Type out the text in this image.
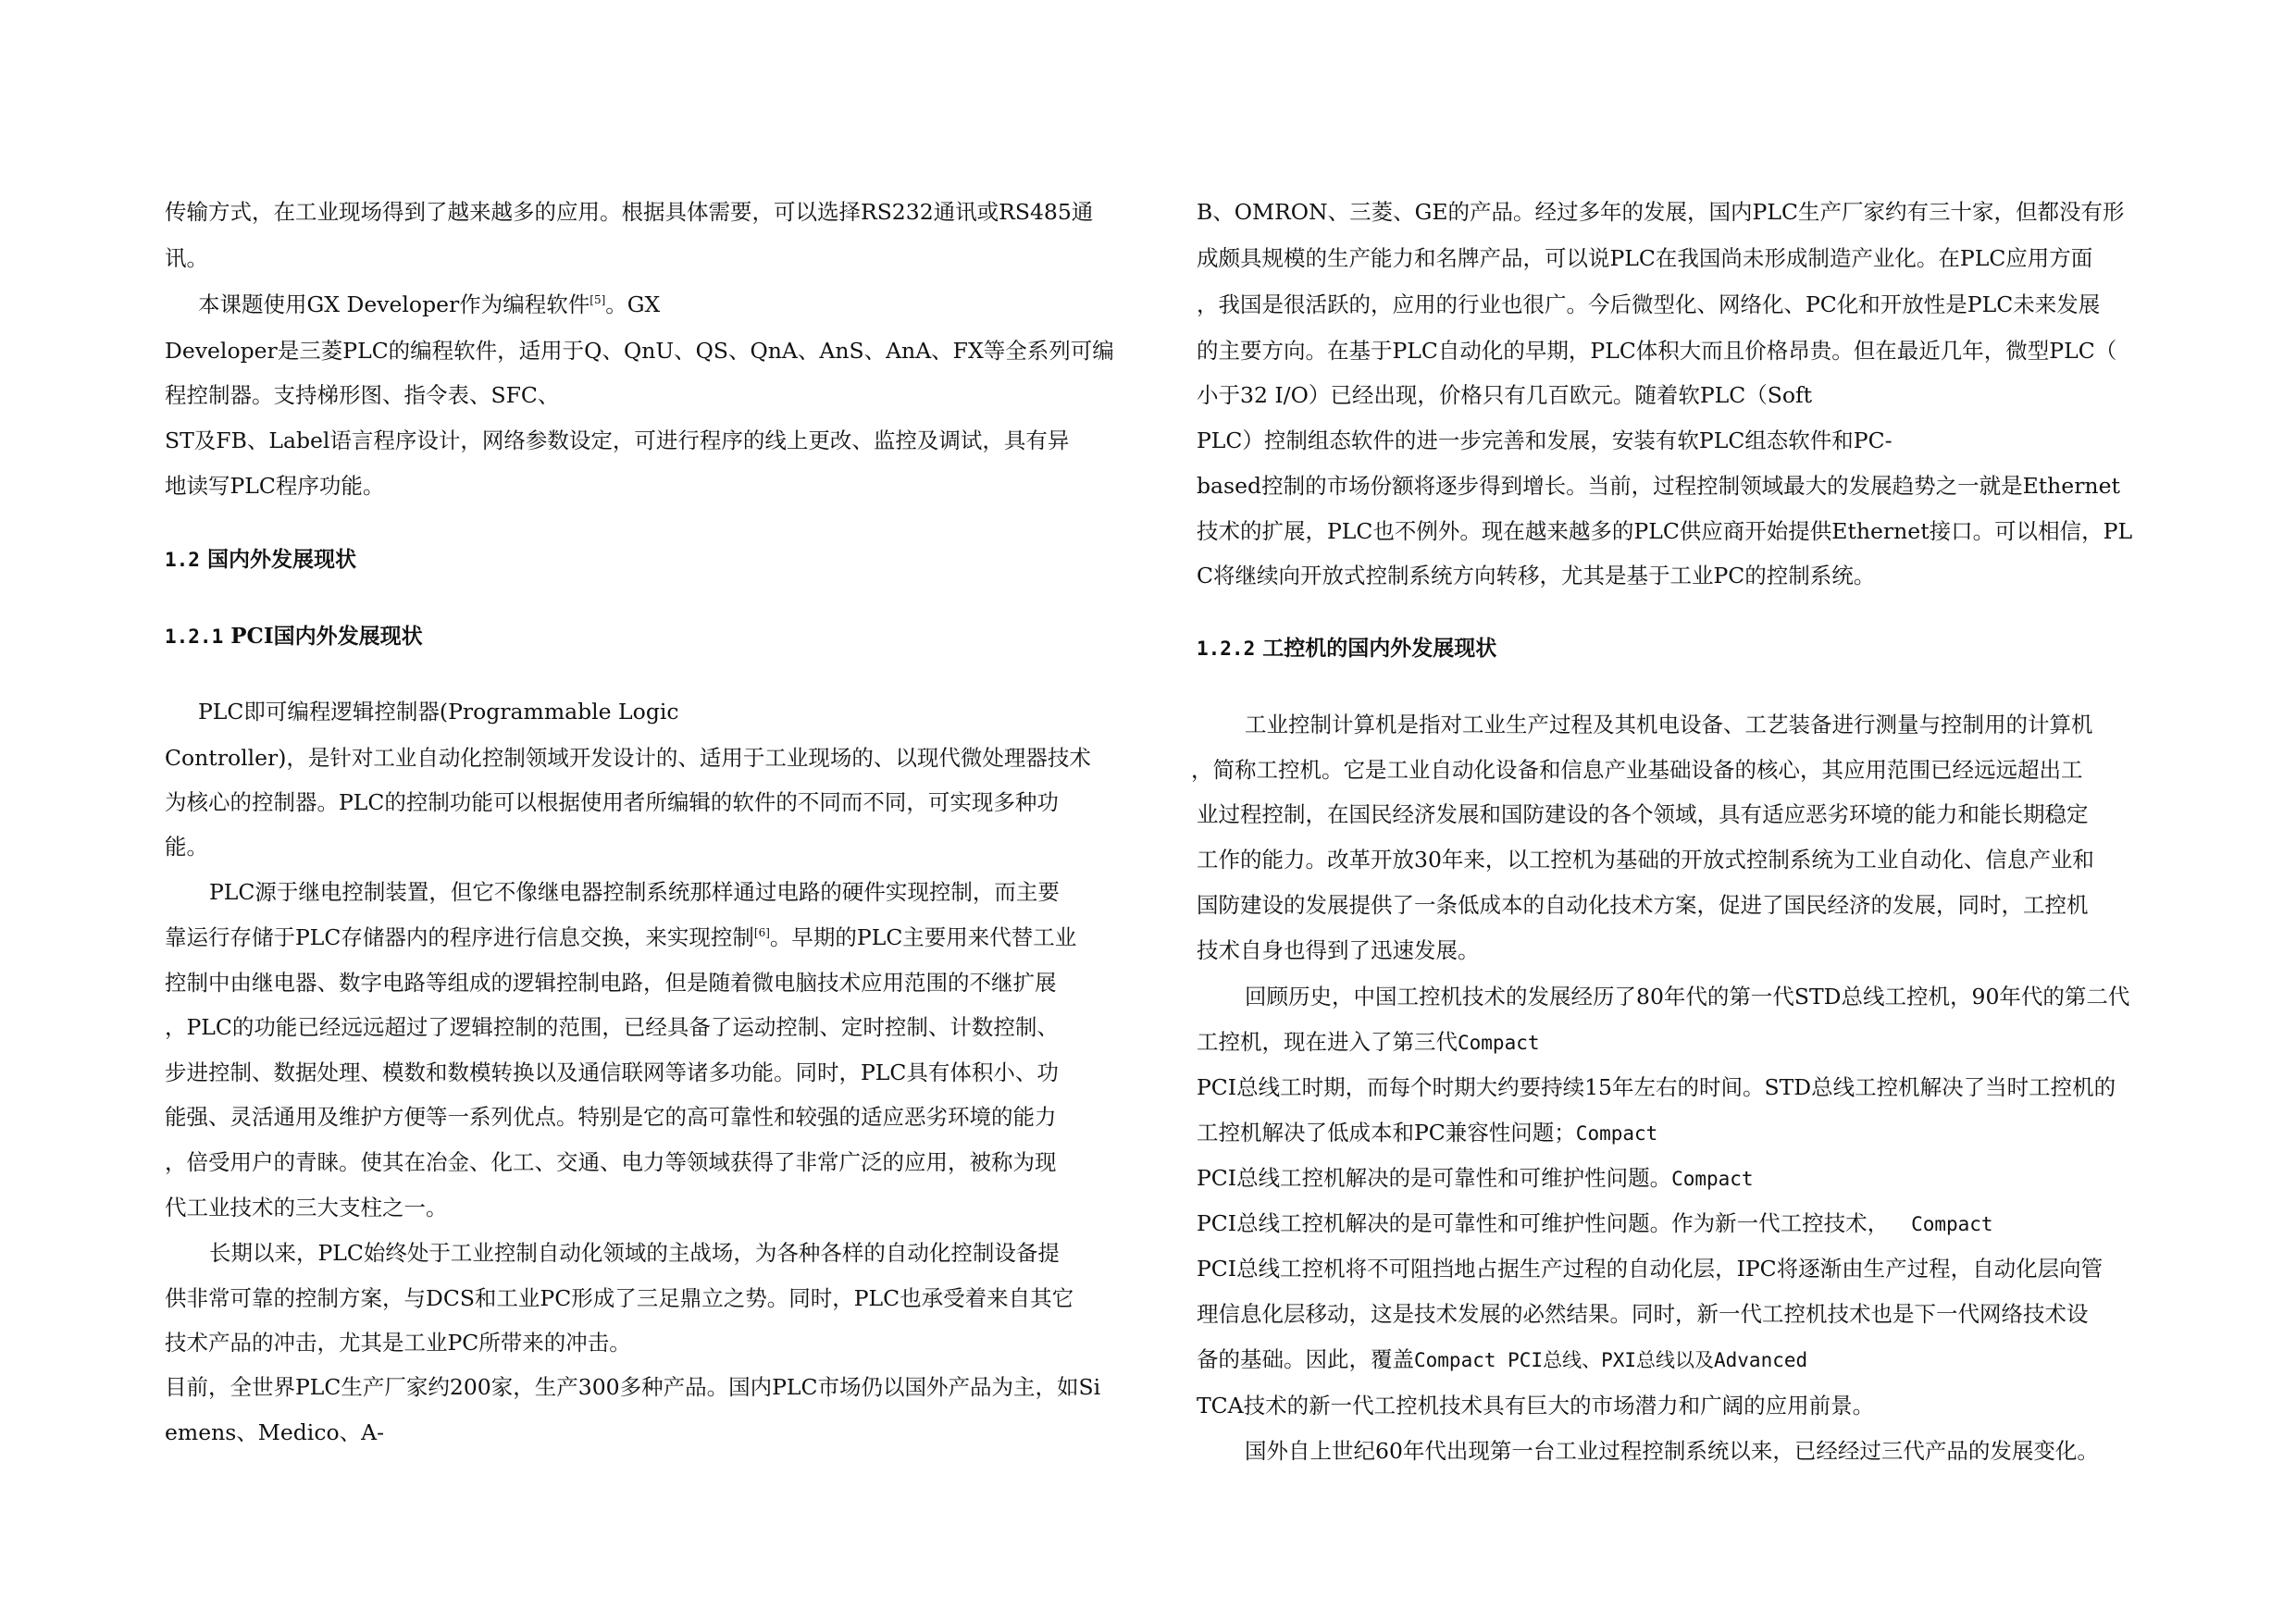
传输方式，在工业现场得到了越来越多的应用。根据具体需要，可以选择RS232通讯或RS485通
讯。
本课题使用GX Developer作为编程软件[5]。GX
Developer是三菱PLC的编程软件，适用于Q、QnU、QS、QnA、AnS、AnA、FX等全系列可编
程控制器。支持梯形图、指令表、SFC、
ST及FB、Label语言程序设计，网络参数设定，可进行程序的线上更改、监控及调试，具有异
地读写PLC程序功能。
1.2 国内外发展现状
1.2.1 PCI国内外发展现状
PLC即可编程逻辑控制器(Programmable Logic
Controller)，是针对工业自动化控制领域开发设计的、适用于工业现场的、以现代微处理器技术
为核心的控制器。PLC的控制功能可以根据使用者所编辑的软件的不同而不同，可实现多种功
能。
PLC源于继电控制装置，但它不像继电器控制系统那样通过电路的硬件实现控制，而主要
靠运行存储于PLC存储器内的程序进行信息交换，来实现控制[6]。早期的PLC主要用来代替工业
控制中由继电器、数字电路等组成的逻辑控制电路，但是随着微电脑技术应用范围的不继扩展
，PLC的功能已经远远超过了逻辑控制的范围，已经具备了运动控制、定时控制、计数控制、
步进控制、数据处理、模数和数模转换以及通信联网等诸多功能。同时，PLC具有体积小、功
能强、灵活通用及维护方便等一系列优点。特别是它的高可靠性和较强的适应恶劣环境的能力
，倍受用户的青睐。使其在冶金、化工、交通、电力等领域获得了非常广泛的应用，被称为现
代工业技术的三大支柱之一。
长期以来，PLC始终处于工业控制自动化领域的主战场，为各种各样的自动化控制设备提
供非常可靠的控制方案，与DCS和工业PC形成了三足鼎立之势。同时，PLC也承受着来自其它
技术产品的冲击，尤其是工业PC所带来的冲击。
目前，全世界PLC生产厂家约200家，生产300多种产品。国内PLC市场仍以国外产品为主，如Si
emens、Medico、A-
B、OMRON、三菱、GE的产品。经过多年的发展，国内PLC生产厂家约有三十家，但都没有形
成颇具规模的生产能力和名牌产品，可以说PLC在我国尚未形成制造产业化。在PLC应用方面
，我国是很活跃的，应用的行业也很广。今后微型化、网络化、PC化和开放性是PLC未来发展
的主要方向。在基于PLC自动化的早期，PLC体积大而且价格昂贵。但在最近几年，微型PLC（
小于32 I/O）已经出现，价格只有几百欧元。随着软PLC（Soft
PLC）控制组态软件的进一步完善和发展，安装有软PLC组态软件和PC-
based控制的市场份额将逐步得到增长。当前，过程控制领域最大的发展趋势之一就是Ethernet
技术的扩展，PLC也不例外。现在越来越多的PLC供应商开始提供Ethernet接口。可以相信，PL
C将继续向开放式控制系统方向转移，尤其是基于工业PC的控制系统。
1.2.2 工控机的国内外发展现状
工业控制计算机是指对工业生产过程及其机电设备、工艺装备进行测量与控制用的计算机
，简称工控机。它是工业自动化设备和信息产业基础设备的核心，其应用范围已经远远超出工
业过程控制，在国民经济发展和国防建设的各个领域，具有适应恶劣环境的能力和能长期稳定
工作的能力。改革开放30年来，以工控机为基础的开放式控制系统为工业自动化、信息产业和
国防建设的发展提供了一条低成本的自动化技术方案，促进了国民经济的发展，同时，工控机
技术自身也得到了迅速发展。
回顾历史，中国工控机技术的发展经历了80年代的第一代STD总线工控机，90年代的第二代
工控机，现在进入了第三代Compact
PCI总线工时期，而每个时期大约要持续15年左右的时间。STD总线工控机解决了当时工控机的
工控机解决了低成本和PC兼容性问题；Compact
PCI总线工控机解决的是可靠性和可维护性问题。Compact
PCI总线工控机解决的是可靠性和可维护性问题。作为新一代工控技术， Compact
PCI总线工控机将不可阻挡地占据生产过程的自动化层，IPC将逐渐由生产过程，自动化层向管
理信息化层移动，这是技术发展的必然结果。同时，新一代工控机技术也是下一代网络技术设
备的基础。因此，覆盖Compact PCI总线、PXI总线以及Advanced
TCA技术的新一代工控机技术具有巨大的市场潜力和广阔的应用前景。
国外自上世纪60年代出现第一台工业过程控制系统以来，已经经过三代产品的发展变化。
